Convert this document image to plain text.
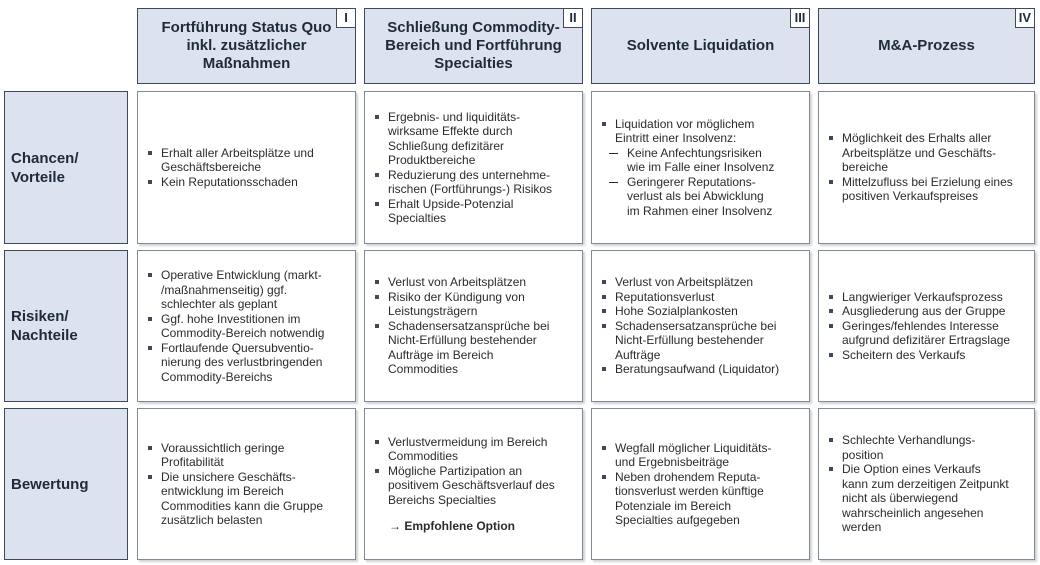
Fortführung Status Quo
inkl. zusätzlicher
Maßnahmen
I
Schließung Commodity-
Bereich und Fortführung
Specialties
II
Solvente Liquidation
III
M&A-Prozess
IV
Chancen/
Vorteile
Risiken/
Nachteile
Bewertung
Erhalt aller Arbeitsplätze und
Geschäftsbereiche
Kein Reputationsschaden
Ergebnis- und liquiditäts-
wirksame Effekte durch
Schließung defizitärer
Produktbereiche
Reduzierung des unternehme-
rischen (Fortführungs-) Risikos
Erhalt Upside-Potenzial
Specialties
Liquidation vor möglichem
Eintritt einer Insolvenz:
Keine Anfechtungsrisiken
wie im Falle einer Insolvenz
Geringerer Reputations-
verlust als bei Abwicklung
im Rahmen einer Insolvenz
Möglichkeit des Erhalts aller
Arbeitsplätze und Geschäfts-
bereiche
Mittelzufluss bei Erzielung eines
positiven Verkaufspreises
Operative Entwicklung (markt-
/maßnahmenseitig) ggf.
schlechter als geplant
Ggf. hohe Investitionen im
Commodity-Bereich notwendig
Fortlaufende Quersubventio-
nierung des verlustbringenden
Commodity-Bereichs
Verlust von Arbeitsplätzen
Risiko der Kündigung von
Leistungsträgern
Schadensersatzansprüche bei
Nicht-Erfüllung bestehender
Aufträge im Bereich
Commodities
Verlust von Arbeitsplätzen
Reputationsverlust
Hohe Sozialplankosten
Schadensersatzansprüche bei
Nicht-Erfüllung bestehender
Aufträge
Beratungsaufwand (Liquidator)
Langwieriger Verkaufsprozess
Ausgliederung aus der Gruppe
Geringes/fehlendes Interesse
aufgrund defizitärer Ertragslage
Scheitern des Verkaufs
Voraussichtlich geringe
Profitabilität
Die unsichere Geschäfts-
entwicklung im Bereich
Commodities kann die Gruppe
zusätzlich belasten
Verlustvermeidung im Bereich
Commodities
Mögliche Partizipation an
positivem Geschäftsverlauf des
Bereichs Specialties
→ Empfohlene Option
Wegfall möglicher Liquiditäts-
und Ergebnisbeiträge
Neben drohendem Reputa-
tionsverlust werden künftige
Potenziale im Bereich
Specialties aufgegeben
Schlechte Verhandlungs-
position
Die Option eines Verkaufs
kann zum derzeitigen Zeitpunkt
nicht als überwiegend
wahrscheinlich angesehen
werden
